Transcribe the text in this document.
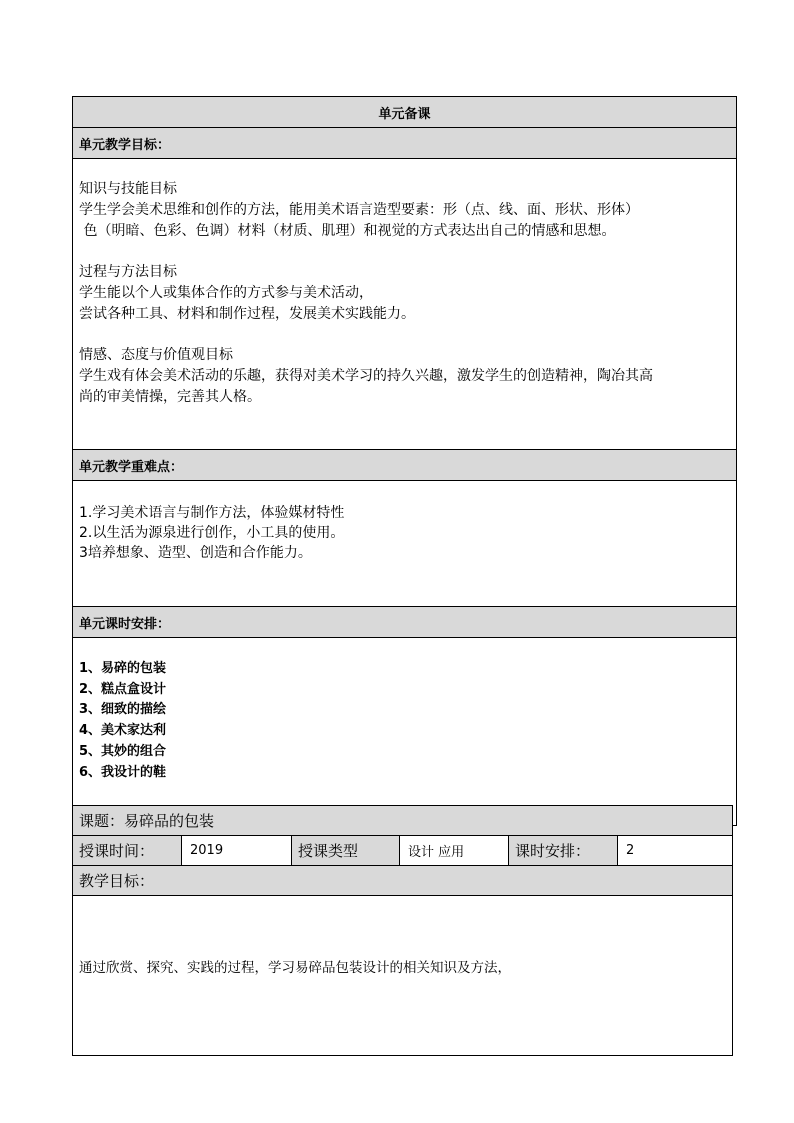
单元备课
单元教学目标：

知识与技能目标
学生学会美术思维和创作的方法，能用美术语言造型要素：形（点、线、面、形状、形体）
色（明暗、色彩、色调）材料（材质、肌理）和视觉的方式表达出自己的情感和思想。
过程与方法目标
学生能以个人或集体合作的方式参与美术活动，
尝试各种工具、材料和制作过程，发展美术实践能力。
情感、态度与价值观目标
学生戏有体会美术活动的乐趣，获得对美术学习的持久兴趣，激发学生的创造精神，陶冶其高
尚的审美情操，完善其人格。

单元教学重难点：

1.学习美术语言与制作方法，体验媒材特性
2.以生活为源泉进行创作，小工具的使用。
3培养想象、造型、创造和合作能力。

单元课时安排：

1、易碎的包装
2、糕点盒设计
3、细致的描绘
4、美术家达利
5、其妙的组合
6、我设计的鞋
课题：易碎品的包装
授课时间：	2019	授课类型	设计 应用	课时安排：	2
教学目标：
通过欣赏、探究、实践的过程，学习易碎品包装设计的相关知识及方法，
